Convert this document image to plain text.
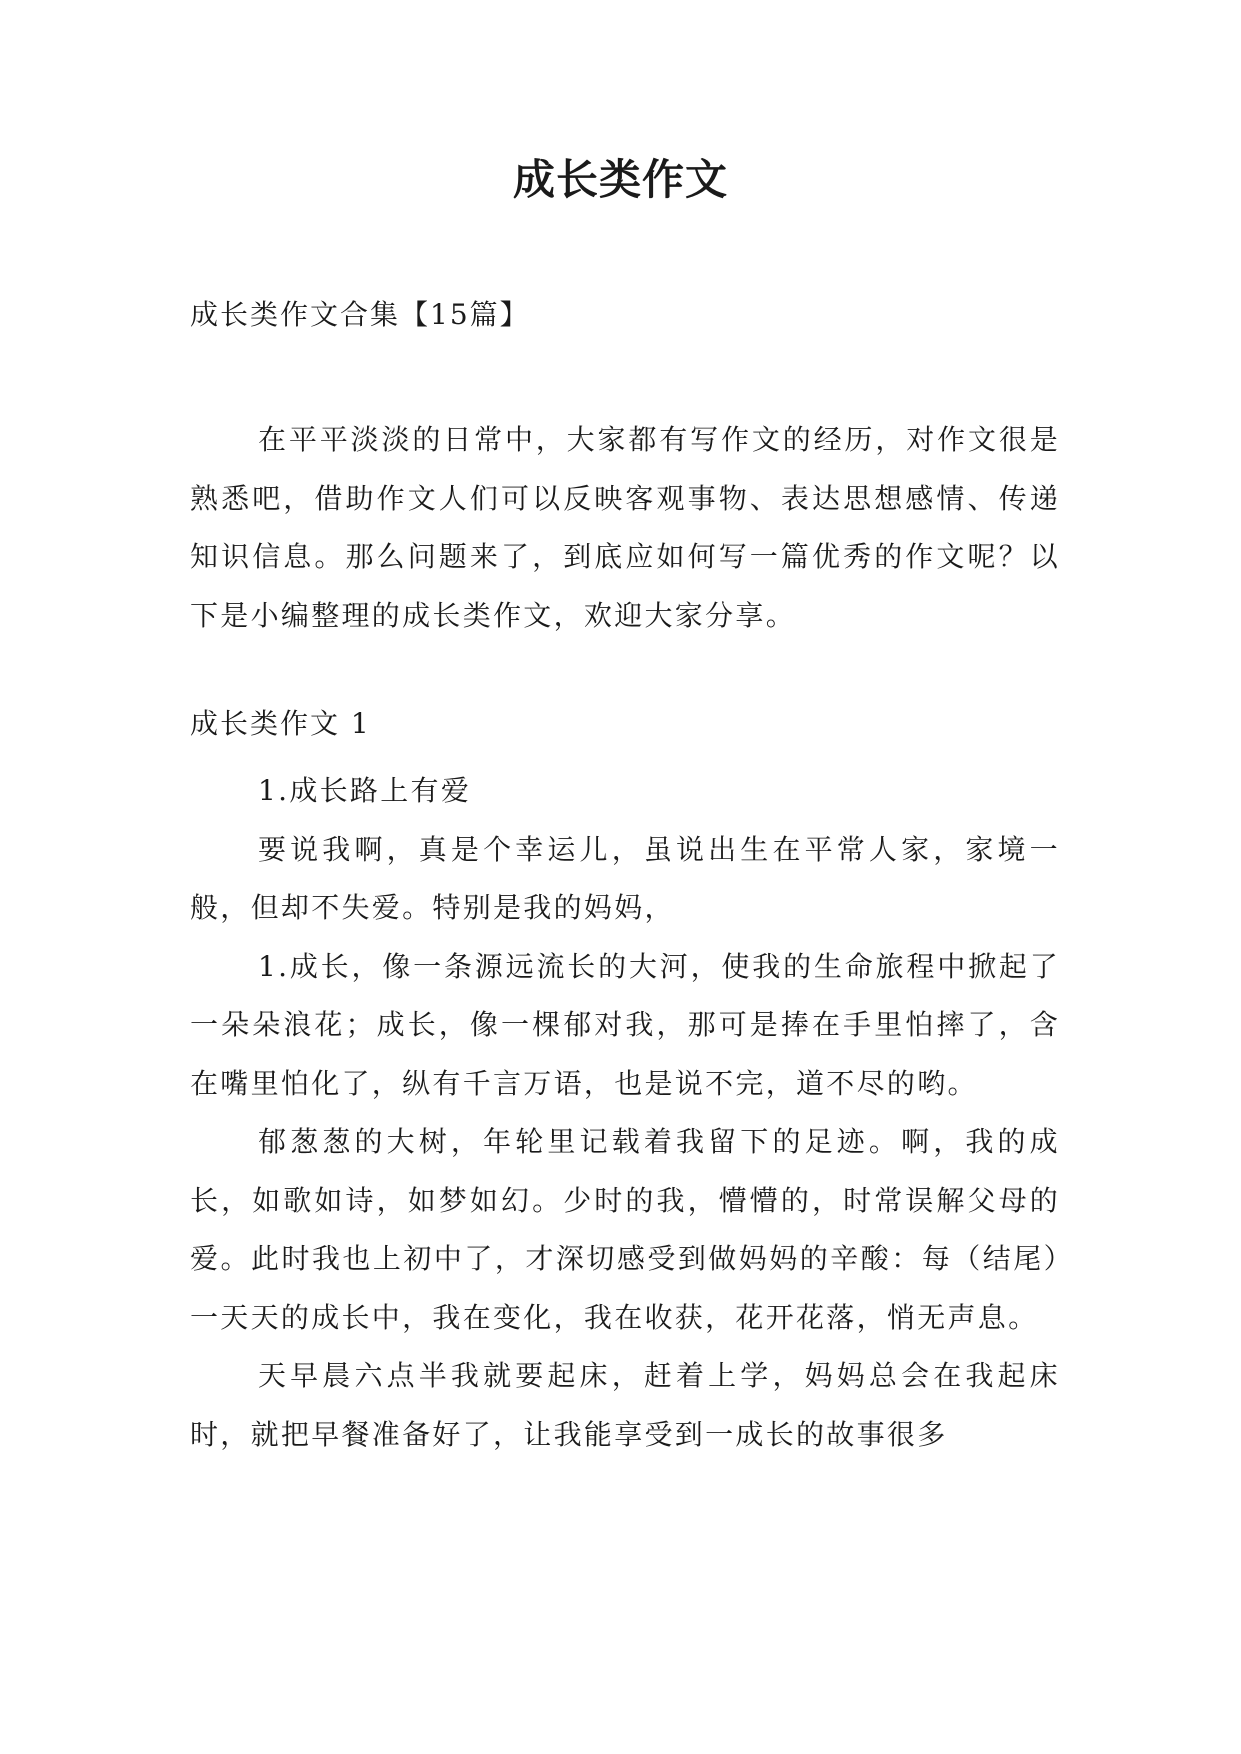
成长类作文
成长类作文合集【15篇】

在平平淡淡的日常中，大家都有写作文的经历，对作文很是熟悉吧，借助作文人们可以反映客观事物、表达思想感情、传递知识信息。那么问题来了，到底应如何写一篇优秀的作文呢？以下是小编整理的成长类作文，欢迎大家分享。

成长类作文 1

1.成长路上有爱

要说我啊，真是个幸运儿，虽说出生在平常人家，家境一般，但却不失爱。特别是我的妈妈，

1.成长，像一条源远流长的大河，使我的生命旅程中掀起了一朵朵浪花；成长，像一棵郁对我，那可是捧在手里怕摔了，含在嘴里怕化了，纵有千言万语，也是说不完，道不尽的哟。

郁葱葱的大树，年轮里记载着我留下的足迹。啊，我的成长，如歌如诗，如梦如幻。少时的我，懵懵的，时常误解父母的爱。此时我也上初中了，才深切感受到做妈妈的辛酸：每（结尾）一天天的成长中，我在变化，我在收获，花开花落，悄无声息。

天早晨六点半我就要起床，赶着上学，妈妈总会在我起床时，就把早餐准备好了，让我能享受到一成长的故事很多
